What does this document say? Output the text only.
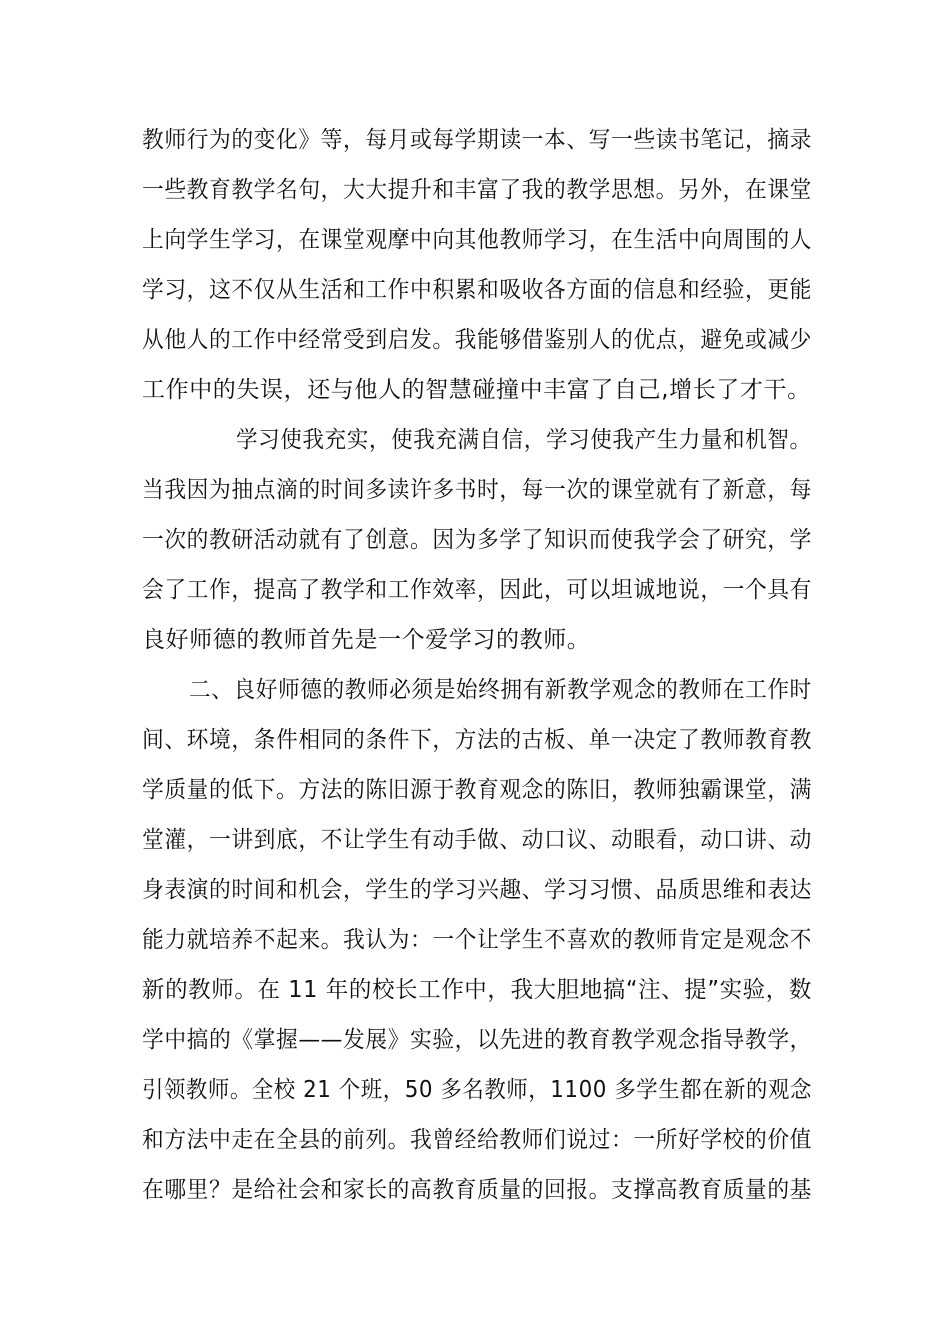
教师行为的变化》等，每月或每学期读一本、写一些读书笔记，摘录
一些教育教学名句，大大提升和丰富了我的教学思想。另外，在课堂
上向学生学习，在课堂观摩中向其他教师学习，在生活中向周围的人
学习，这不仅从生活和工作中积累和吸收各方面的信息和经验，更能
从他人的工作中经常受到启发。我能够借鉴别人的优点，避免或减少
工作中的失误，还与他人的智慧碰撞中丰富了自己,增长了才干。
学习使我充实，使我充满自信，学习使我产生力量和机智。
当我因为抽点滴的时间多读许多书时，每一次的课堂就有了新意，每
一次的教研活动就有了创意。因为多学了知识而使我学会了研究，学
会了工作，提高了教学和工作效率，因此，可以坦诚地说，一个具有
良好师德的教师首先是一个爱学习的教师。
二、良好师德的教师必须是始终拥有新教学观念的教师在工作时
间、环境，条件相同的条件下，方法的古板、单一决定了教师教育教
学质量的低下。方法的陈旧源于教育观念的陈旧，教师独霸课堂，满
堂灌，一讲到底，不让学生有动手做、动口议、动眼看，动口讲、动
身表演的时间和机会，学生的学习兴趣、学习习惯、品质思维和表达
能力就培养不起来。我认为：一个让学生不喜欢的教师肯定是观念不
新的教师。在 11 年的校长工作中，我大胆地搞“注、提”实验，数
学中搞的《掌握——发展》实验，以先进的教育教学观念指导教学，
引领教师。全校 21 个班，50 多名教师，1100 多学生都在新的观念
和方法中走在全县的前列。我曾经给教师们说过：一所好学校的价值
在哪里？是给社会和家长的高教育质量的回报。支撑高教育质量的基
